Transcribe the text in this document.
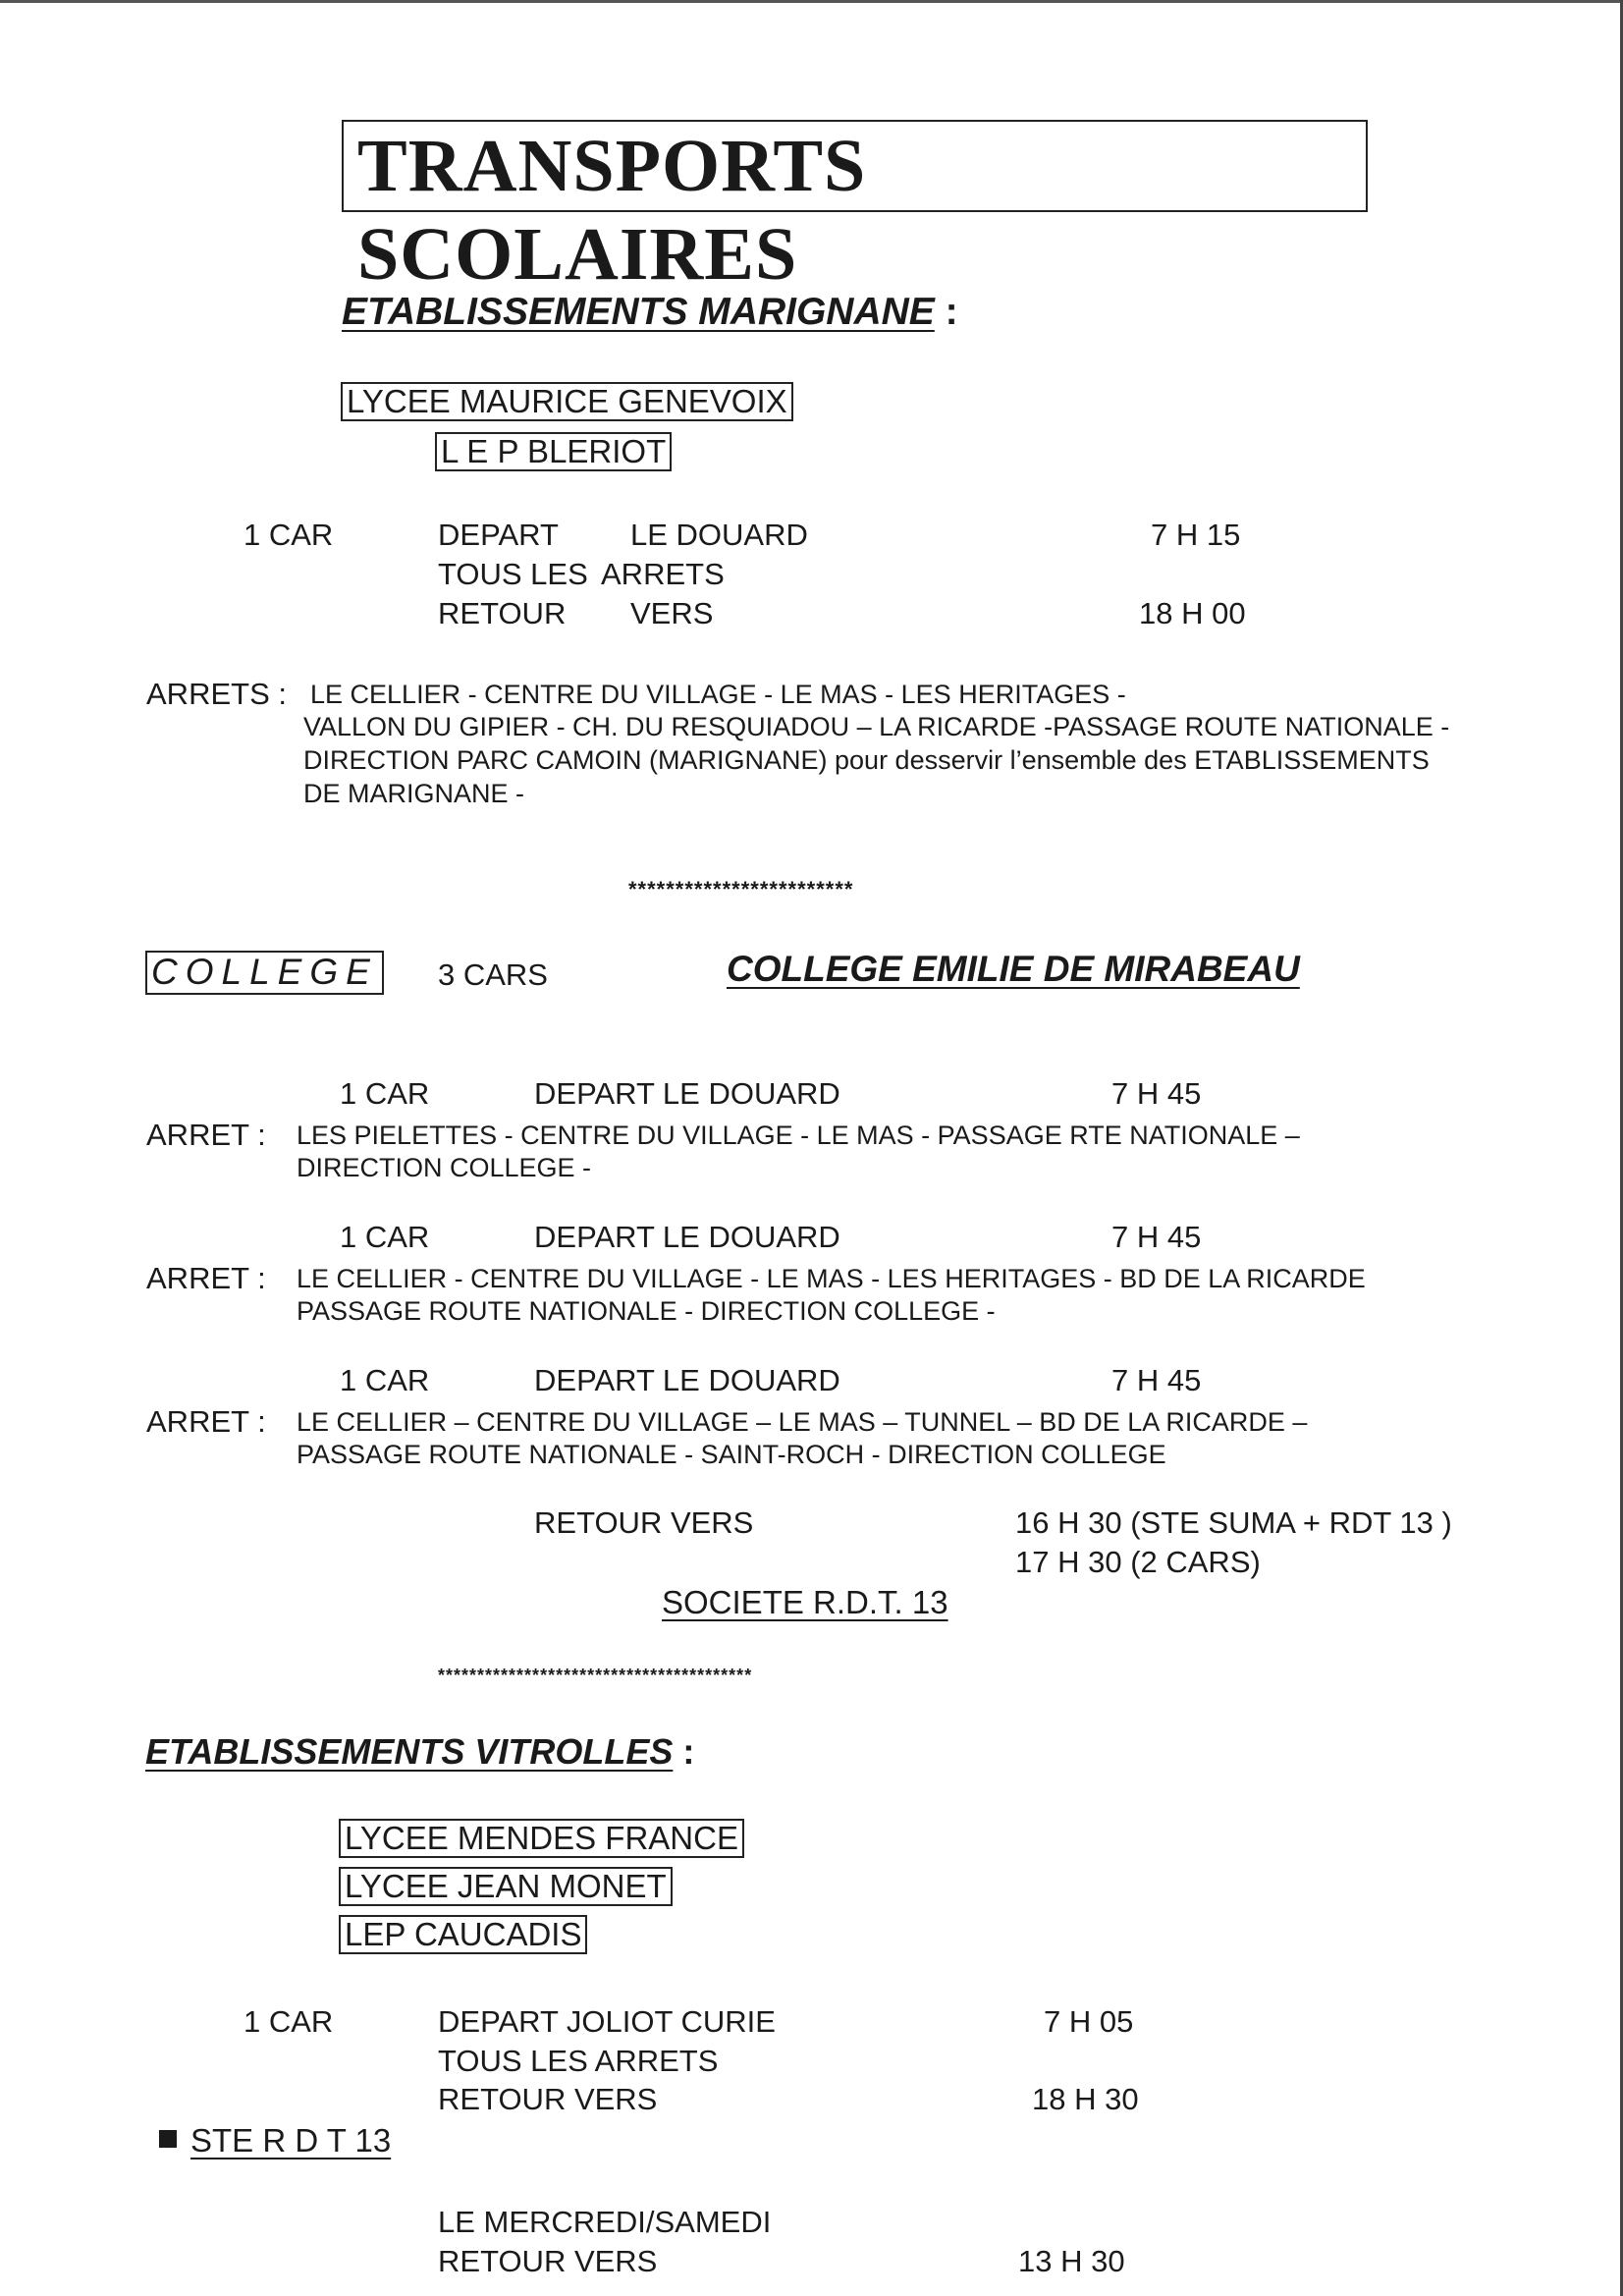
TRANSPORTS SCOLAIRES
ETABLISSEMENTS MARIGNANE :
LYCEE MAURICE GENEVOIX
L E P BLERIOT
1 CAR	DEPART LE DOUARD	7 H 15
TOUS LES ARRETS
RETOUR VERS	18 H 00
ARRETS : LE CELLIER - CENTRE DU VILLAGE - LE MAS - LES HERITAGES -
VALLON DU GIPIER - CH. DU RESQUIADOU – LA RICARDE -PASSAGE ROUTE NATIONALE -
DIRECTION PARC CAMOIN (MARIGNANE) pour desservir l’ensemble des ETABLISSEMENTS
DE MARIGNANE -
************************
COLLEGE 3 CARS	COLLEGE EMILIE DE MIRABEAU
1 CAR	DEPART LE DOUARD	7 H 45
ARRET : LES PIELETTES - CENTRE DU VILLAGE - LE MAS - PASSAGE RTE NATIONALE –
DIRECTION COLLEGE -
1 CAR	DEPART LE DOUARD	7 H 45
ARRET : LE CELLIER - CENTRE DU VILLAGE - LE MAS - LES HERITAGES - BD DE LA RICARDE
PASSAGE ROUTE NATIONALE - DIRECTION COLLEGE -
1 CAR	DEPART LE DOUARD	7 H 45
ARRET : LE CELLIER – CENTRE DU VILLAGE – LE MAS – TUNNEL – BD DE LA RICARDE –
PASSAGE ROUTE NATIONALE - SAINT-ROCH - DIRECTION COLLEGE
RETOUR VERS	16 H 30 (STE SUMA + RDT 13 )
17 H 30 (2 CARS)
SOCIETE R.D.T. 13
****************************************
ETABLISSEMENTS VITROLLES :
LYCEE MENDES FRANCE
LYCEE JEAN MONET
LEP CAUCADIS
1 CAR	DEPART JOLIOT CURIE	7 H 05
TOUS LES ARRETS
RETOUR VERS	18 H 30
STE R D T 13
LE MERCREDI/SAMEDI
RETOUR VERS	13 H 30
